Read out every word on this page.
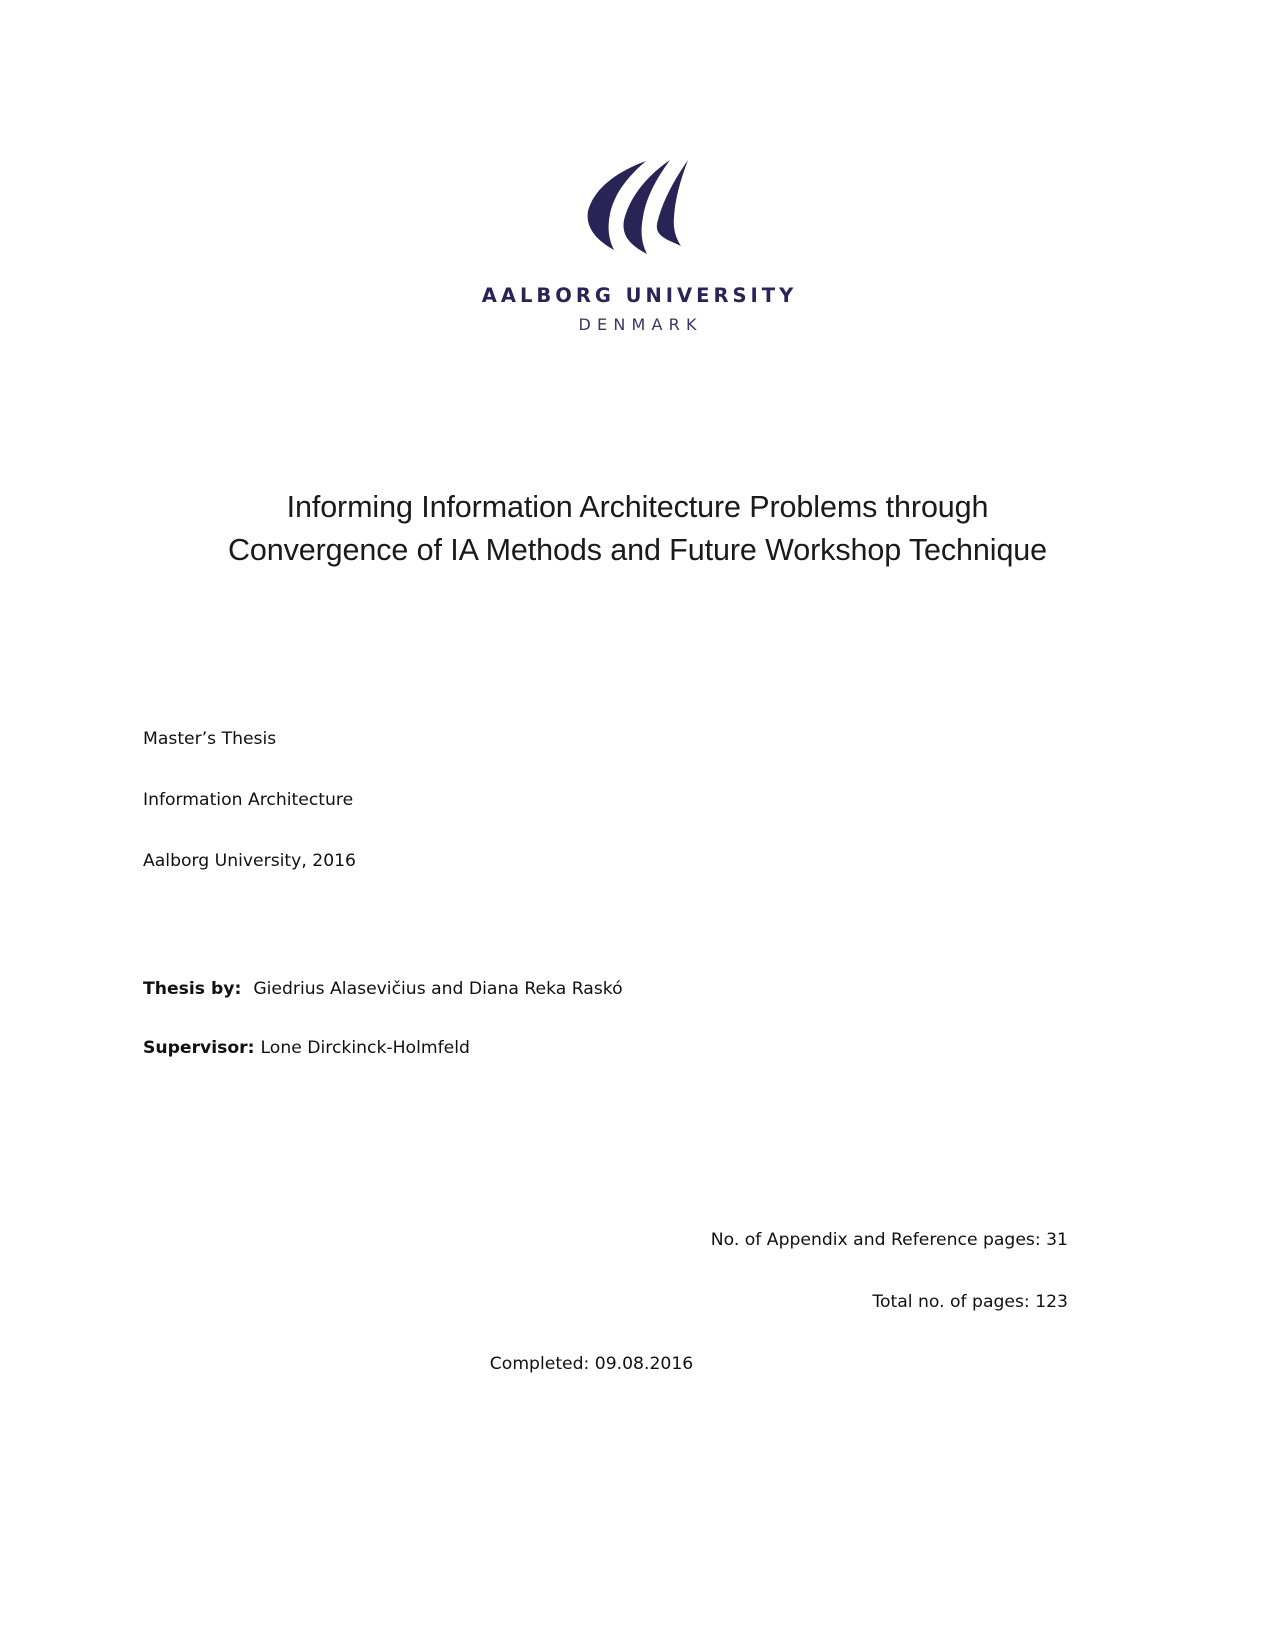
AALBORG UNIVERSITY
DENMARK
Informing Information Architecture Problems through
Convergence of IA Methods and Future Workshop Technique
Master’s Thesis
Information Architecture
Aalborg University, 2016
Thesis by:  Giedrius Alasevičius and Diana Reka Raskó
Supervisor: Lone Dirckinck-Holmfeld
No. of Appendix and Reference pages: 31
Total no. of pages: 123
Completed: 09.08.2016
